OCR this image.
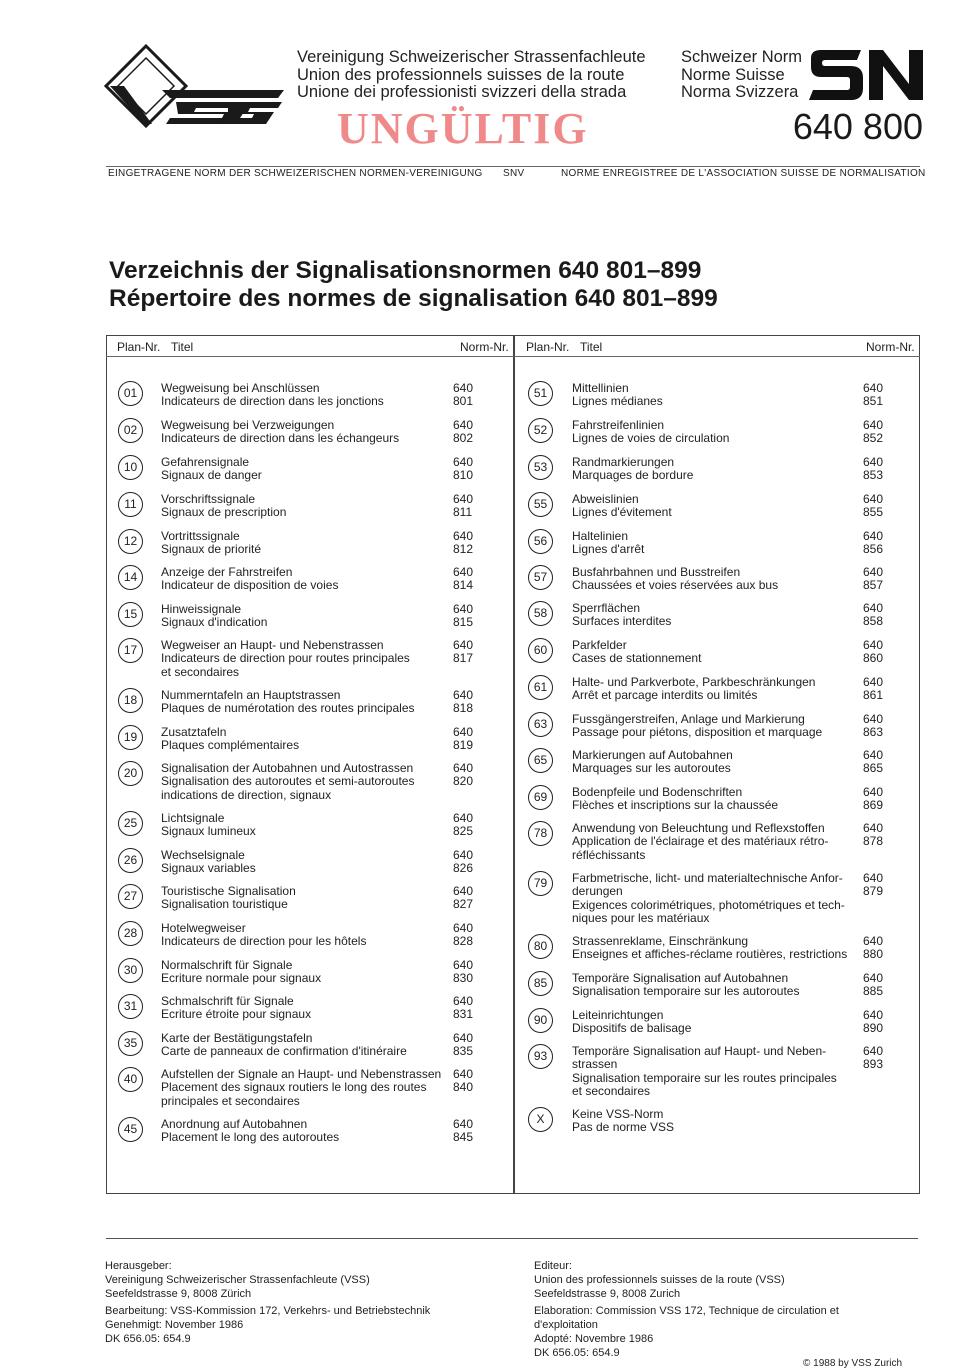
Vereinigung Schweizerischer Strassenfachleute
Union des professionnels suisses de la route
Unione dei professionisti svizzeri della strada
UNGÜLTIG
Schweizer Norm
Norme Suisse
Norma Svizzera
640 800
EINGETRAGENE NORM DER SCHWEIZERISCHEN NORMEN-VEREINIGUNG SNV	NORME ENREGISTREE DE L'ASSOCIATION SUISSE DE NORMALISATION
Verzeichnis der Signalisationsnormen 640 801–899
Répertoire des normes de signalisation 640 801–899
Plan-Nr. Titel	Norm-Nr. Plan-Nr. Titel	Norm-Nr.
01	Wegweisung bei Anschlüssen
Indicateurs de direction dans les jonctions
640 801
02	Wegweisung bei Verzweigungen
Indicateurs de direction dans les échangeurs
640 802
10	Gefahrensignale
Signaux de danger
640 810
11	Vorschriftssignale
Signaux de prescription
640 811
12	Vortrittssignale
Signaux de priorité
640 812
14	Anzeige der Fahrstreifen
Indicateur de disposition de voies
640 814
15	Hinweissignale
Signaux d'indication
640 815
17	Wegweiser an Haupt- und Nebenstrassen
Indicateurs de direction pour routes principales
et secondaires
640 817
18	Nummerntafeln an Hauptstrassen
Plaques de numérotation des routes principales
640 818
19	Zusatztafeln
Plaques complémentaires
640 819
20	Signalisation der Autobahnen und Autostrassen
Signalisation des autoroutes et semi-autoroutes
indications de direction, signaux
640 820
25	Lichtsignale
Signaux lumineux
640 825
26	Wechselsignale
Signaux variables
640 826
27	Touristische Signalisation
Signalisation touristique
640 827
28	Hotelwegweiser
Indicateurs de direction pour les hôtels
640 828
30	Normalschrift für Signale
Ecriture normale pour signaux
640 830
31	Schmalschrift für Signale
Ecriture étroite pour signaux
640 831
35	Karte der Bestätigungstafeln
Carte de panneaux de confirmation d'itinéraire
640 835
40	Aufstellen der Signale an Haupt- und Nebenstrassen
Placement des signaux routiers le long des routes
principales et secondaires
640 840
45	Anordnung auf Autobahnen
Placement le long des autoroutes
640 845
51	Mittellinien
Lignes médianes
640 851
52	Fahrstreifenlinien
Lignes de voies de circulation
640 852
53	Randmarkierungen
Marquages de bordure
640 853
55	Abweislinien
Lignes d'évitement
640 855
56	Haltelinien
Lignes d'arrêt
640 856
57	Busfahrbahnen und Busstreifen
Chaussées et voies réservées aux bus
640 857
58	Sperrflächen
Surfaces interdites
640 858
60	Parkfelder
Cases de stationnement
640 860
61	Halte- und Parkverbote, Parkbeschränkungen
Arrêt et parcage interdits ou limités
640 861
63	Fussgängerstreifen, Anlage und Markierung
Passage pour piétons, disposition et marquage
640 863
65	Markierungen auf Autobahnen
Marquages sur les autoroutes
640 865
69	Bodenpfeile und Bodenschriften
Flèches et inscriptions sur la chaussée
640 869
78	Anwendung von Beleuchtung und Reflexstoffen
Application de l'éclairage et des matériaux rétro-
réfléchissants
640 878
79	Farbmetrische, licht- und materialtechnische Anfor-
derungen
Exigences colorimétriques, photométriques et tech-
niques pour les matériaux
640 879
80	Strassenreklame, Einschränkung
Enseignes et affiches-réclame routières, restrictions
640 880
85	Temporäre Signalisation auf Autobahnen
Signalisation temporaire sur les autoroutes
640 885
90	Leiteinrichtungen
Dispositifs de balisage
640 890
93	Temporäre Signalisation auf Haupt- und Neben-
strassen
Signalisation temporaire sur les routes principales
et secondaires
640 893
X	Keine VSS-Norm
Pas de norme VSS

Herausgeber:

Vereinigung Schweizerischer Strassenfachleute (VSS)

Seefeldstrasse 9, 8008 Zürich

Bearbeitung: VSS-Kommission 172, Verkehrs- und Betriebstechnik

Genehmigt: November 1986

DK 656.05: 654.9

Editeur:

Union des professionnels suisses de la route (VSS)

Seefeldstrasse 9, 8008 Zurich

Elaboration: Commission VSS 172, Technique de circulation et

d'exploitation

Adopté: Novembre 1986

DK 656.05: 654.9

© 1988 by VSS Zurich
